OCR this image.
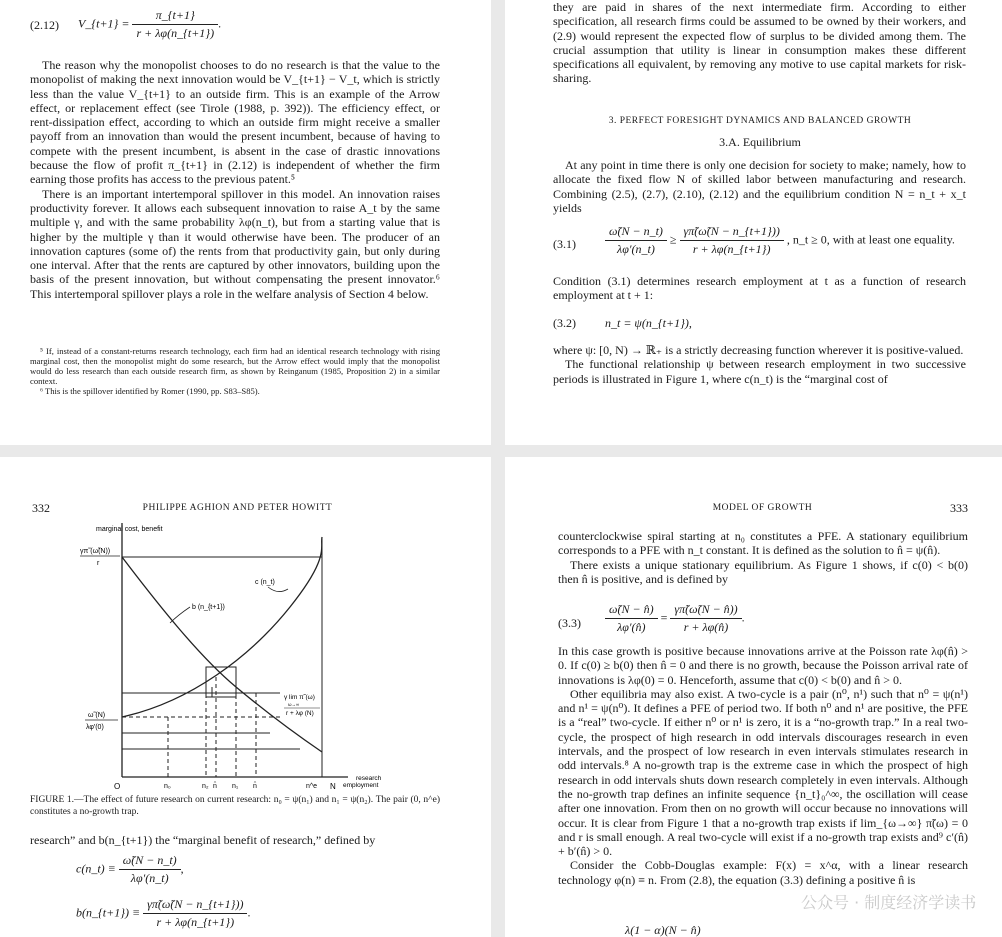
(2.12) V_{t+1} = $\frac{\pi\_\{t+1\}}{r + \lambda\varphi(n\_\{t+1\})}$ .

The reason why the monopolist chooses to do no research is that the value to the monopolist of making the next innovation would be V_{t+1} − V_t, which is strictly less than the value V_{t+1} to an outside firm. This is an example of the Arrow effect, or replacement effect (see Tirole (1988, p. 392)). The efficiency effect, or rent-dissipation effect, according to which an outside firm might receive a smaller payoff from an innovation than would the present incumbent, because of having to compete with the present incumbent, is absent in the case of drastic innovations because the flow of profit π_{t+1} in (2.12) is independent of whether the firm earning those profits has access to the previous patent.⁵

There is an important intertemporal spillover in this model. An innovation raises productivity forever. It allows each subsequent innovation to raise A_t by the same multiple γ, and with the same probability λφ(n_t), but from a starting value that is higher by the multiple γ than it would otherwise have been. The producer of an innovation captures (some of) the rents from that productivity gain, but only during one interval. After that the rents are captured by other innovators, building upon the basis of the present innovation, but without compensating the present innovator.⁶ This intertemporal spillover plays a role in the welfare analysis of Section 4 below.

⁵ If, instead of a constant-returns research technology, each firm had an identical research technology with rising marginal cost, then the monopolist might do some research, but the Arrow effect would imply that the monopolist would do less research than each outside research firm, as shown by Reinganum (1985, Proposition 2) in a similar context.

⁶ This is the spillover identified by Romer (1990, pp. S83–S85).

they are paid in shares of the next intermediate firm. According to either specification, all research firms could be assumed to be owned by their workers, and (2.9) would represent the expected flow of surplus to be divided among them. The crucial assumption that utility is linear in consumption makes these different specifications all equivalent, by removing any motive to use capital markets for risk-sharing.

3. PERFECT FORESIGHT DYNAMICS AND BALANCED GROWTH
3.A. Equilibrium

At any point in time there is only one decision for society to make; namely, how to allocate the fixed flow N of skilled labor between manufacturing and research. Combining (2.5), (2.7), (2.10), (2.12) and the equilibrium condition N = n_t + x_t yields

$(3.1) \frac{\omegã(N - n\_t)}{\lambda\varphi'(n\_t)} \ge \frac{\gamma\pĩ(\omegã(N - n\_\{t+1\}))}{r + \lambda\varphi(n\_\{t+1\})}$ , n_t ≥ 0, with at least one equality.

Condition (3.1) determines research employment at t as a function of research employment at t + 1:

(3.2) n_t = ψ(n_{t+1}),

where ψ: [0, N) → ℝ₊ is a strictly decreasing function wherever it is positive-valued.

The functional relationship ψ between research employment in two successive periods is illustrated in Figure 1, where c(n_t) is the “marginal cost of

332	PHILIPPE AGHION AND PETER HOWITT
marginal cost, benefit
γπ̃ (ω̃(N))
r
ω̃ (N)
λφ′(0)
c (n_t)
b (n_{t+1})
γ lim π̃ (ω)
ω→∞
r + λφ (N)
O	n₀	n₂ n̂ n₁ n̂	n^e N
research
employment
FIGURE 1.—The effect of future research on current research: n₀ = ψ(n₁) and n₁ = ψ(n₂). The pair (0, n^e) constitutes a no-growth trap.

research” and b(n_{t+1}) the “marginal benefit of research,” defined by

c(n_t) ≡ $\frac{\omegã(N - n\_t)}{\lambda\varphi'(n\_t)}$ ,
b(n_{t+1}) ≡ $\frac{\gamma\pĩ(\omegã(N - n\_\{t+1\}))}{r + \lambda\varphi(n\_\{t+1\})}$ .
MODEL OF GROWTH	333

counterclockwise spiral starting at n₀ constitutes a PFE. A stationary equilibrium corresponds to a PFE with n_t constant. It is defined as the solution to n̂ = ψ(n̂).

There exists a unique stationary equilibrium. As Figure 1 shows, if c(0) < b(0) then n̂ is positive, and is defined by

$(3.3) \frac{\omegã(N - n̂)}{\lambda\varphi'(n̂)} = \frac{\gamma\pĩ(\omegã(N - n̂))}{r + \lambda\varphi(n̂)}$ .

In this case growth is positive because innovations arrive at the Poisson rate λφ(n̂) > 0. If c(0) ≥ b(0) then n̂ = 0 and there is no growth, because the Poisson arrival rate of innovations is λφ(0) = 0. Henceforth, assume that c(0) < b(0) and n̂ > 0.

Other equilibria may also exist. A two-cycle is a pair (n⁰, n¹) such that n⁰ = ψ(n¹) and n¹ = ψ(n⁰). It defines a PFE of period two. If both n⁰ and n¹ are positive, the PFE is a “real” two-cycle. If either n⁰ or n¹ is zero, it is a “no-growth trap.” In a real two-cycle, the prospect of high research in odd intervals discourages research in even intervals, and the prospect of low research in even intervals stimulates research in odd intervals.⁸ A no-growth trap is the extreme case in which the prospect of high research in odd intervals shuts down research completely in even intervals. Although the no-growth trap defines an infinite sequence {n_t}₀^∞, the oscillation will cease after one innovation. From then on no growth will occur because no innovations will occur. It is clear from Figure 1 that a no-growth trap exists if lim_{ω→∞} π̃(ω) = 0 and r is small enough. A real two-cycle will exist if a no-growth trap exists and⁹ c′(n̂) + b′(n̂) > 0.

Consider the Cobb-Douglas example: F(x) = x^α, with a linear research technology φ(n) ≡ n. From (2.8), the equation (3.3) defining a positive n̂ is

λ(1 − α)(N − n̂)
公众号 · 制度经济学读书
